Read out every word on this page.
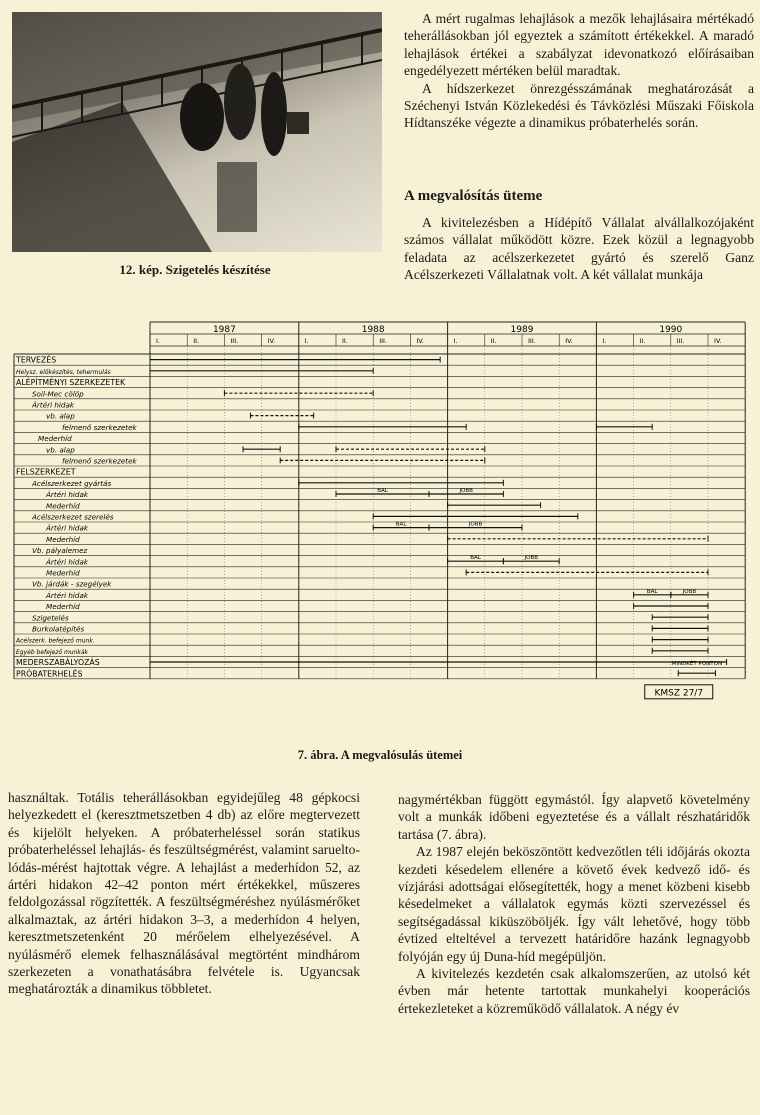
12. kép. Szigetelés készítése

A mért rugalmas lehajlások a mezők lehajlásaira mértékadó teherállásokban jól egyeztek a számított értékekkel. A maradó lehajlások értékei a szabályzat idevonatkozó előírásaiban engedélyezett mértéken belül maradtak.

A hídszerkezet önrezgésszámának meghatározását a Széchenyi István Közlekedési és Távközlési Műszaki Főiskola Hídtanszéke végezte a dinamikus próbaterhelés során.

A megvalósítás üteme

A kivitelezésben a Hídépítő Vállalat alvállalkozójaként számos vállalat működött közre. Ezek közül a legnagyobb feladata az acélszerkezetet gyártó és szerelő Ganz Acélszerkezeti Vállalatnak volt. A két vállalat munkája

1987
I.	II.	III.	IV.
1988
I.	II.	III.	IV.
1989
I.	II.	III.	IV.
1990
I.	II.	III.	IV.
TERVEZÉS
Helysz. előkészítés, tehermulás
ALÉPÍTMÉNYI SZERKEZETEK
Soil-Mec cölöp
Ártéri hidak
vb. alap
felmenő szerkezetek
Mederhíd
vb. alap
felmenő szerkezetek
FELSZERKEZET
Acélszerkezet gyártás
Ártéri hidak
Mederhíd
Acélszerkezet szerelés
Ártéri hidak
Mederhíd
Vb. pályalemez
Ártéri hidak
Mederhíd
Vb. járdák - szegélyek
Ártéri hidak
Mederhíd
Szigetelés
Burkolatépítés
Acélszerk. befejező munk.
Egyéb befejező munkák
MEDERSZABÁLYOZÁS
PRÓBATERHELÉS
BAL	JOBB
BAL	JOBB
BAL	JOBB
BAL	JOBB
MINDKÉT PONTON
KMSZ 27/7
7. ábra. A megvalósulás ütemei

használtak. Totális teherállásokban egyidejűleg 48 gépkocsi helyezkedett el (keresztmetszetben 4 db) az előre megtervezett és kijelölt helyeken. A próbaterheléssel során statikus próbaterheléssel lehajlás- és feszültségmérést, valamint saruelto-lódás-mérést hajtottak végre. A lehajlást a mederhídon 52, az ártéri hidakon 42–42 ponton mért értékekkel, műszeres feldolgozással rögzítették. A feszültségméréshez nyúlásmérőket alkalmaztak, az ártéri hidakon 3–3, a mederhídon 4 helyen, keresztmetszetenként 20 mérőelem elhelyezésével. A nyúlásmérő elemek felhasználásával megtörtént mindhárom szerkezeten a vonathatásábra felvétele is. Ugyancsak meghatározták a dinamikus többletet.

nagymértékban függött egymástól. Így alapvető követelmény volt a munkák időbeni egyeztetése és a vállalt részhatáridők tartása (7. ábra).

Az 1987 elején beköszöntött kedvezőtlen téli időjárás okozta kezdeti késedelem ellenére a követő évek kedvező idő- és vízjárási adottságai elősegítették, hogy a menet közbeni kisebb késedelmeket a vállalatok egymás közti szervezéssel és segítségadással kiküszöböljék. Így vált lehetővé, hogy több évtized elteltével a tervezett határidőre hazánk legnagyobb folyóján egy új Duna-híd megépüljön.

A kivitelezés kezdetén csak alkalomszerűen, az utolsó két évben már hetente tartottak munkahelyi kooperációs értekezleteket a közreműködő vállalatok. A négy év
